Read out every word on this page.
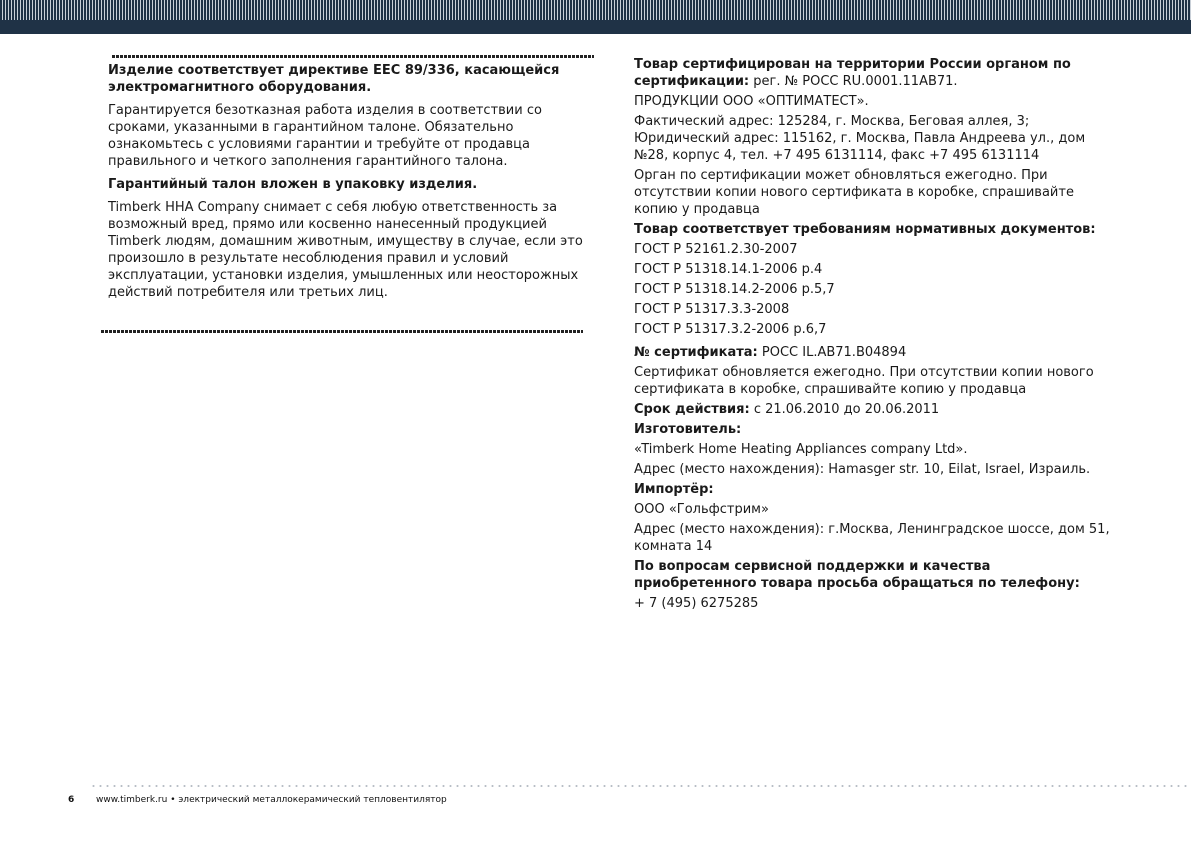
Изделие соответствует директиве ЕЕС 89/336, касающейся электромагнитного оборудования.

Гарантируется безотказная работа изделия в соответствии со сроками, указанными в гарантийном талоне. Обязательно ознакомьтесь с условиями гарантии и требуйте от продавца правильного и четкого заполнения гарантийного талона.

Гарантийный талон вложен в упаковку изделия.

Timberk HHA Company снимает с себя любую ответственность за возможный вред, прямо или косвенно нанесенный продукцией Timberk людям, домашним животным, имуществу в случае, если это произошло в результате несоблюдения правил и условий эксплуатации, установки изделия, умышленных или неосторожных действий потребителя или третьих лиц.

Товар сертифицирован на территории России органом по сертификации: рег. № РОСС RU.0001.11АВ71.

ПРОДУКЦИИ ООО «ОПТИМАТЕСТ».

Фактический адрес: 125284, г. Москва, Беговая аллея, 3; Юридический адрес: 115162, г. Москва, Павла Андреева ул., дом №28, корпус 4, тел. +7 495 6131114, факс +7 495 6131114

Орган по сертификации может обновляться ежегодно. При отсутствии копии нового сертификата в коробке, спрашивайте копию у продавца

Товар соответствует требованиям нормативных документов:

ГОСТ Р 52161.2.30-2007

ГОСТ Р 51318.14.1-2006 p.4

ГОСТ Р 51318.14.2-2006 p.5,7

ГОСТ Р 51317.3.3-2008

ГОСТ Р 51317.3.2-2006 p.6,7

№ сертификата: РОСС IL.АВ71.В04894

Сертификат обновляется ежегодно. При отсутствии копии нового сертификата в коробке, спрашивайте копию у продавца

Срок действия: с 21.06.2010 до 20.06.2011

Изготовитель:

«Timberk Home Heating Appliances company Ltd».

Адрес (место нахождения): Hamasger str. 10, Eilat, Israel, Израиль.

Импортёр:

ООО «Гольфстрим»

Адрес (место нахождения): г.Москва, Ленинградское шоссе, дом 51, комната 14

По вопросам сервисной поддержки и качества приобретенного товара просьба обращаться по телефону:

+ 7 (495) 6275285

6 www.timberk.ru • электрический металлокерамический тепловентилятор
